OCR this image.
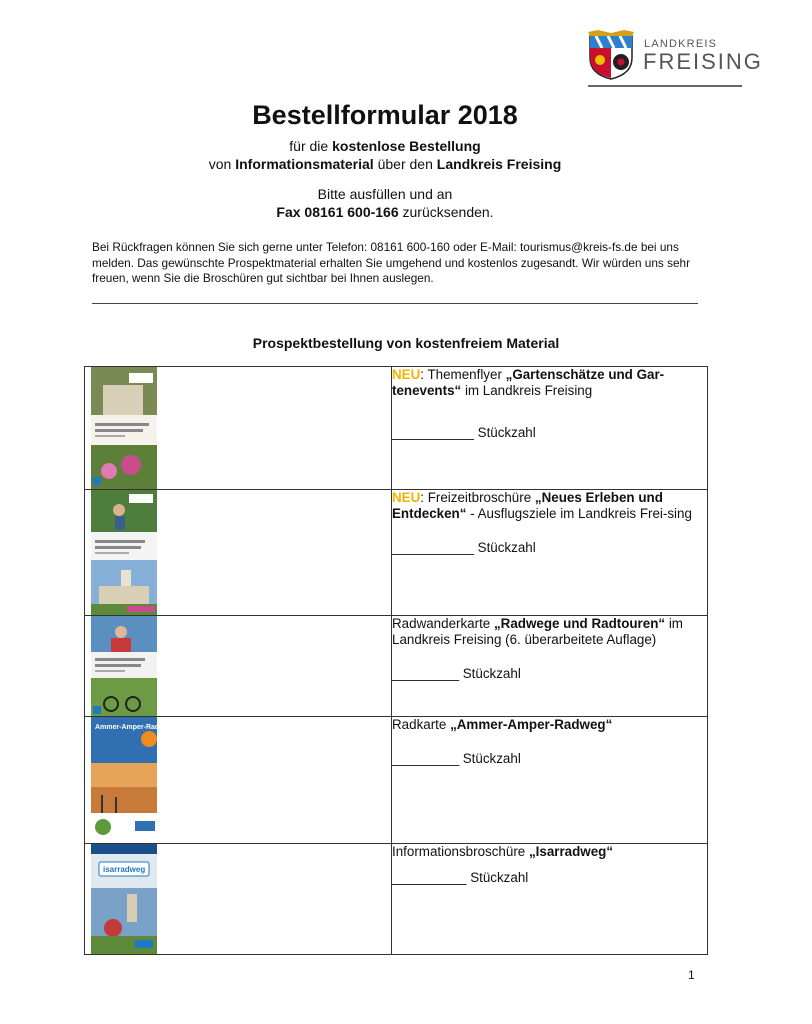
LANDKREIS
FREISING
Bestellformular 2018
für die kostenlose Bestellung
von Informationsmaterial über den Landkreis Freising
Bitte ausfüllen und an
Fax 08161 600-166 zurücksenden.
Bei Rückfragen können Sie sich gerne unter Telefon: 08161 600-160 oder E-Mail: tourismus@kreis-fs.de bei uns melden. Das gewünschte Prospektmaterial erhalten Sie umgehend und kostenlos zugesandt. Wir würden uns sehr freuen, wenn Sie die Broschüren gut sichtbar bei Ihnen auslegen.
Prospektbestellung von kostenfreiem Material

NEU: Themenflyer „Gartenschätze und Gar-tenevents“ im Landkreis Freising
___________ Stückzahl

NEU: Freizeitbroschüre „Neues Erleben und Entdecken“ - Ausflugsziele im Landkreis Frei-sing
___________ Stückzahl

Radwanderkarte „Radwege und Radtouren“ im Landkreis Freising (6. überarbeitete Auflage)
_________ Stückzahl

Ammer-Amper-Radweg	Radkarte „Ammer-Amper-Radweg“
_________ Stückzahl

isarradweg	Informationsbroschüre „Isarradweg“
__________ Stückzahl
1
